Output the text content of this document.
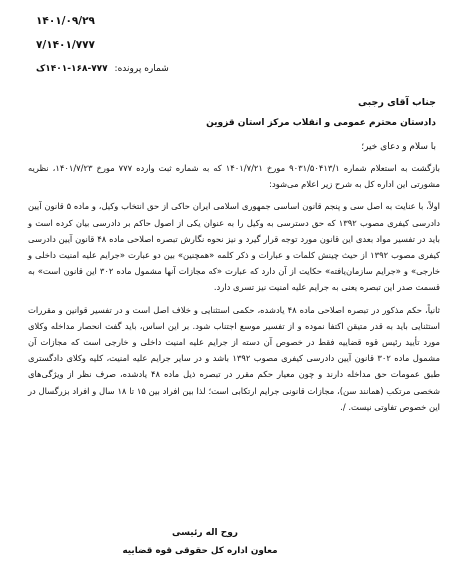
۱۴۰۱/۰۹/۲۹
۷/۱۴۰۱/۷۷۷
شماره پرونده: ۷۷۷-۱۶۸-۱۴۰۱ک
جناب آقای رجبی
دادستان محترم عمومی و انقلاب مرکز استان قزوین
با سلام و دعای خیر؛

بازگشت به استعلام شماره ۹۰۳۱/۵۰۴۱۳/۱ مورخ ۱۴۰۱/۷/۲۱ که به شماره ثبت وارده ۷۷۷ مورخ ۱۴۰۱/۷/۲۳، نظریه مشورتی این اداره کل به شرح زیر اعلام می‌شود:

اولاً، با عنایت به اصل سی و پنجم قانون اساسی جمهوری اسلامی ایران حاکی از حق انتخاب وکیل، و ماده ۵ قانون آیین دادرسی کیفری مصوب ۱۳۹۲ که حق دسترسی به وکیل را به عنوان یکی از اصول حاکم بر دادرسی بیان کرده است و باید در تفسیر مواد بعدی این قانون مورد توجه قرار گیرد و نیز نحوه نگارش تبصره اصلاحی ماده ۴۸ قانون آیین دادرسی کیفری مصوب ۱۳۹۲ از حیث چینش کلمات و عبارات و ذکر کلمه «همچنین» بین دو عبارت «جرایم علیه امنیت داخلی و خارجی» و «جرایم سازمان‌یافته» حکایت از آن دارد که عبارت «که مجازات آنها مشمول ماده ۳۰۲ این قانون است» به قسمت صدر این تبصره یعنی به جرایم علیه امنیت نیز تسری دارد.

ثانیاً، حکم مذکور در تبصره اصلاحی ماده ۴۸ یادشده، حکمی استثنایی و خلاف اصل است و در تفسیر قوانین و مقررات استثنایی باید به قدر متیقن اکتفا نموده و از تفسیر موسع اجتناب شود. بر این اساس، باید گفت انحصار مداخله وکلای مورد تأیید رئیس قوه قضاییه فقط در خصوص آن دسته از جرایم علیه امنیت داخلی و خارجی است که مجازات آن مشمول ماده ۳۰۲ قانون آیین دادرسی کیفری مصوب ۱۳۹۲ باشد و در سایر جرایم علیه امنیت، کلیه وکلای دادگستری طبق عمومات حق مداخله دارند و چون معیار حکم مقرر در تبصره ذیل ماده ۴۸ یادشده، صرف نظر از ویژگی‌های شخصی مرتکب (همانند سن)، مجازات قانونی جرایم ارتکابی است؛ لذا بین افراد بین ۱۵ تا ۱۸ سال و افراد بزرگسال در این خصوص تفاوتی نیست. /.

روح اله رئیسی
معاون اداره کل حقوقی قوه قضاییه
